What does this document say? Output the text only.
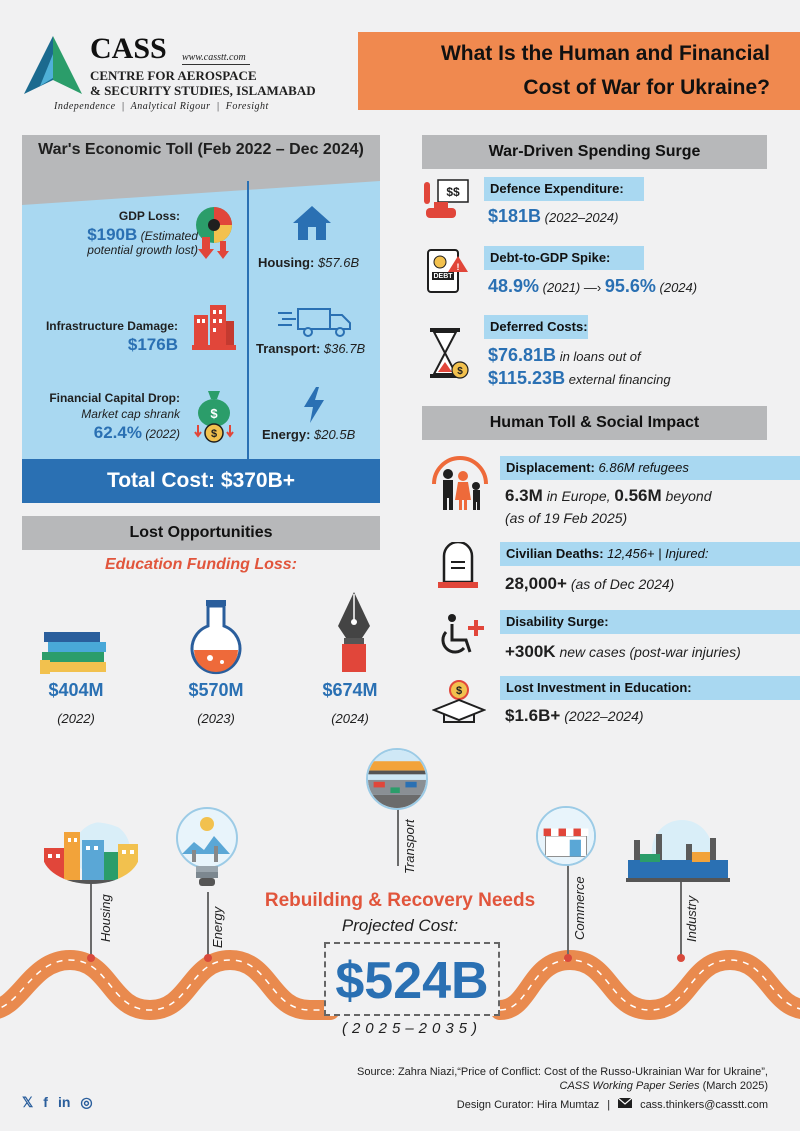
CASS www.casstt.com
CENTRE FOR AEROSPACE
& SECURITY STUDIES, ISLAMABAD
Independence | Analytical Rigour | Foresight
What Is the Human and Financial
Cost of War for Ukraine?
War's Economic Toll (Feb 2022 – Dec 2024)
GDP Loss:
$190B (Estimated
potential growth lost)
Infrastructure Damage:
$176B
Financial Capital Drop:
Market cap shrank
62.4% (2022)
$
$
Housing: $57.6B
Transport: $36.7B
Energy: $20.5B
Total Cost: $370B+
Lost Opportunities
Education Funding Loss:
$404M
(2022)
$570M
(2023)
$674M
(2024)
War-Driven Spending Surge
$$	Defence Expenditure:
$181B (2022–2024)
DEBT
!
Debt-to-GDP Spike:
48.9% (2021) —› 95.6% (2024)
$
Deferred Costs:
$76.81B in loans out of
$115.23B external financing
Human Toll & Social Impact
Displacement: 6.86M refugees
6.3M in Europe, 0.56M beyond
(as of 19 Feb 2025)
Civilian Deaths: 12,456+ | Injured:
28,000+ (as of Dec 2024)
Disability Surge:
+300K new cases (post-war injuries)
$	Lost Investment in Education:
$1.6B+ (2022–2024)
Housing	Energy
Transport
Commerce	Industry
Rebuilding & Recovery Needs
Projected Cost:
$524B
(2025–2035)
Source: Zahra Niazi,“Price of Conflict: Cost of the Russo-Ukrainian War for Ukraine”,
CASS Working Paper Series (March 2025)
𝕏 f in ◎	Design Curator: Hira Mumtaz |	cass.thinkers@casstt.com
